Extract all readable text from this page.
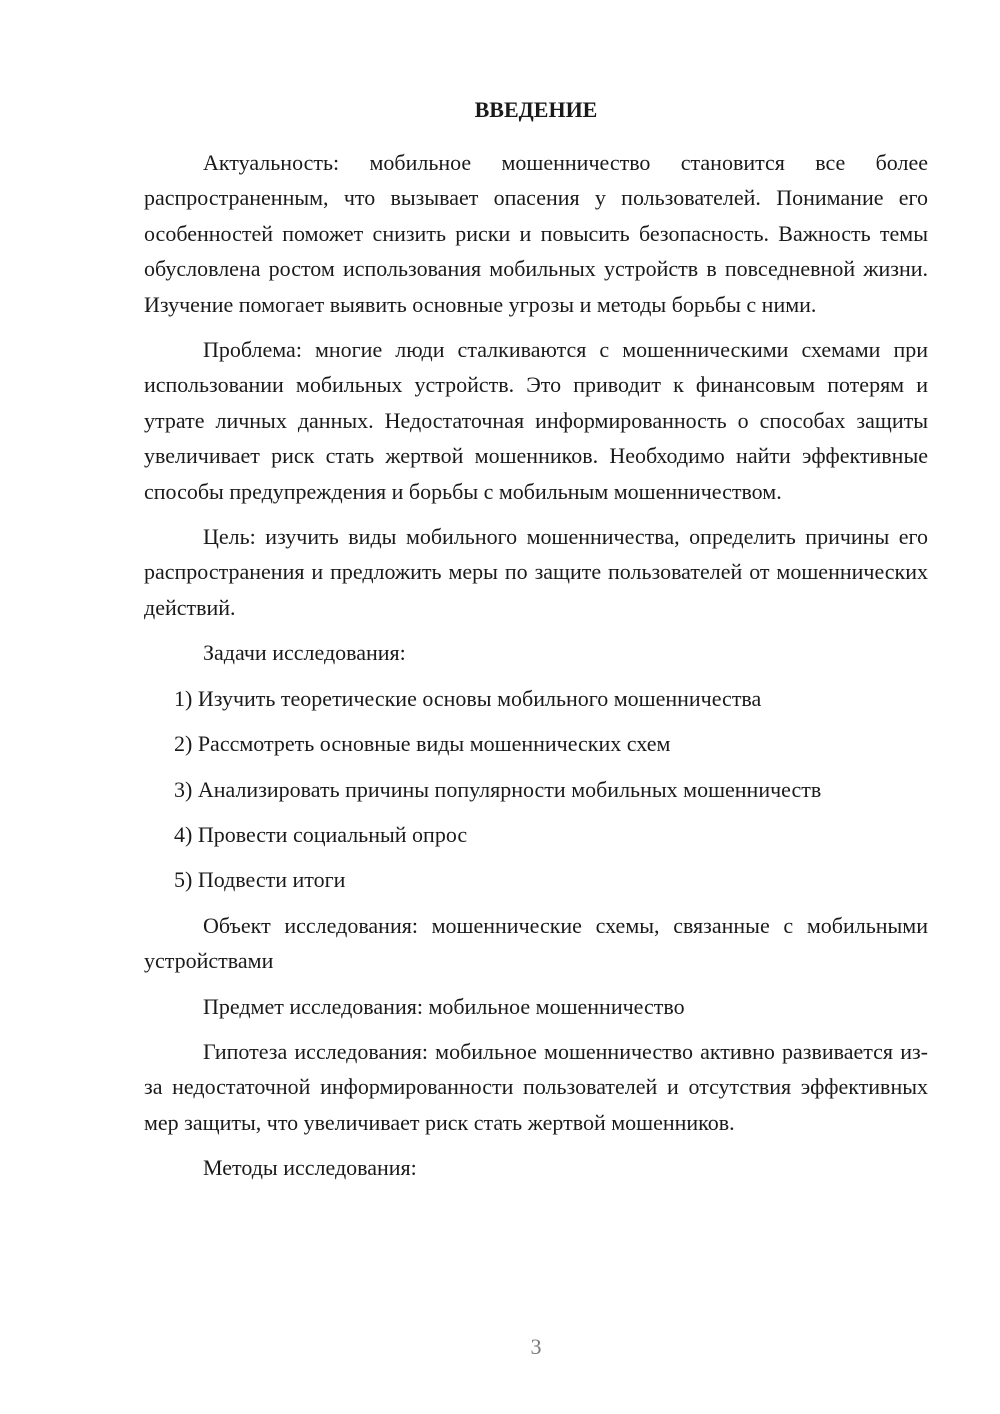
ВВЕДЕНИЕ

Актуальность: мобильное мошенничество становится все более распространенным, что вызывает опасения у пользователей. Понимание его особенностей поможет снизить риски и повысить безопасность. Важность темы обусловлена ростом использования мобильных устройств в повседневной жизни. Изучение помогает выявить основные угрозы и методы борьбы с ними.

Проблема: многие люди сталкиваются с мошенническими схемами при использовании мобильных устройств. Это приводит к финансовым потерям и утрате личных данных. Недостаточная информированность о способах защиты увеличивает риск стать жертвой мошенников. Необходимо найти эффективные способы предупреждения и борьбы с мобильным мошенничеством.

Цель: изучить виды мобильного мошенничества, определить причины его распространения и предложить меры по защите пользователей от мошеннических действий.

Задачи исследования:

1) Изучить теоретические основы мобильного мошенничества

2) Рассмотреть основные виды мошеннических схем

3) Анализировать причины популярности мобильных мошенничеств

4) Провести социальный опрос

5) Подвести итоги

Объект исследования: мошеннические схемы, связанные с мобильными устройствами

Предмет исследования: мобильное мошенничество

Гипотеза исследования: мобильное мошенничество активно развивается из-за недостаточной информированности пользователей и отсутствия эффективных мер защиты, что увеличивает риск стать жертвой мошенников.

Методы исследования:

3
